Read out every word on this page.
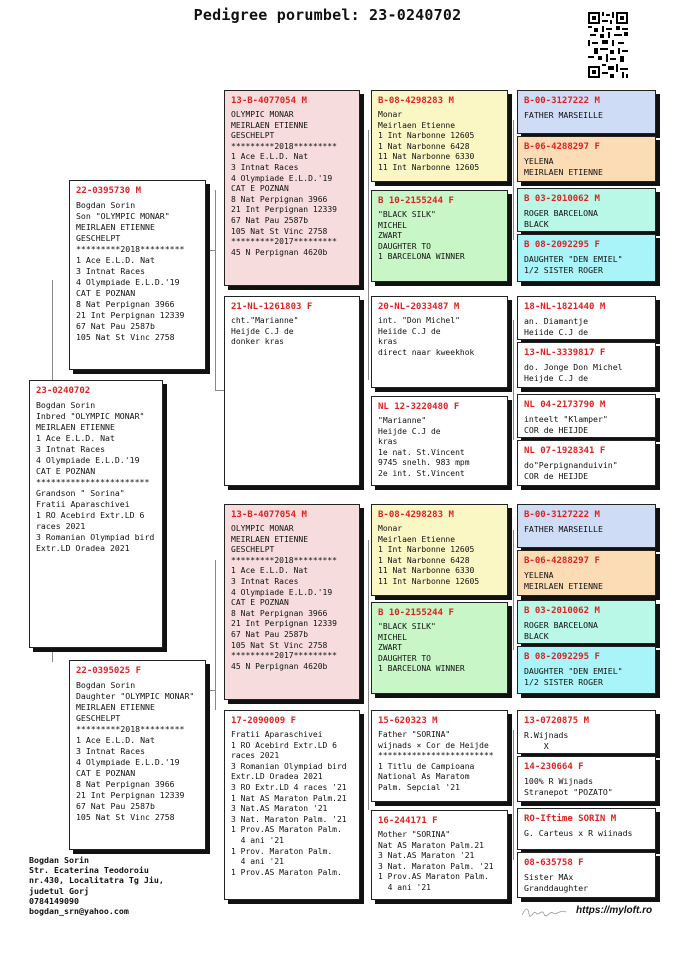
Pedigree porumbel: 23-0240702
23-0240702
Bogdan Sorin
Inbred "OLYMPIC MONAR"
MEIRLAEN ETIENNE
1 Ace E.L.D. Nat
3 Intnat Races
4 Olympiade E.L.D.'19
CAT E POZNAN
***********************
Grandson " Sorina"
Fratii Aparaschivei
1 RO Acebird Extr.LD 6
races 2021
3 Romanian Olympiad bird
Extr.LD Oradea 2021
22-0395730 M
Bogdan Sorin
Son "OLYMPIC MONAR"
MEIRLAEN ETIENNE
GESCHELPT
*********2018*********
1 Ace E.L.D. Nat
3 Intnat Races
4 Olympiade E.L.D.'19
CAT E POZNAN
8 Nat Perpignan 3966
21 Int Perpignan 12339
67 Nat Pau 2587b
105 Nat St Vinc 2758
22-0395025 F
Bogdan Sorin
Daughter "OLYMPIC MONAR"
MEIRLAEN ETIENNE
GESCHELPT
*********2018*********
1 Ace E.L.D. Nat
3 Intnat Races
4 Olympiade E.L.D.'19
CAT E POZNAN
8 Nat Perpignan 3966
21 Int Perpignan 12339
67 Nat Pau 2587b
105 Nat St Vinc 2758
13-B-4077054 M
OLYMPIC MONAR
MEIRLAEN ETIENNE
GESCHELPT
*********2018*********
1 Ace E.L.D. Nat
3 Intnat Races
4 Olympiade E.L.D.'19
CAT E POZNAN
8 Nat Perpignan 3966
21 Int Perpignan 12339
67 Nat Pau 2587b
105 Nat St Vinc 2758
*********2017*********
45 N Perpignan 4620b
21-NL-1261803 F
cht."Marianne"
Heijde C.J de
donker kras
13-B-4077054 M
OLYMPIC MONAR
MEIRLAEN ETIENNE
GESCHELPT
*********2018*********
1 Ace E.L.D. Nat
3 Intnat Races
4 Olympiade E.L.D.'19
CAT E POZNAN
8 Nat Perpignan 3966
21 Int Perpignan 12339
67 Nat Pau 2587b
105 Nat St Vinc 2758
*********2017*********
45 N Perpignan 4620b
17-2090009 F
Fratii Aparaschivei
1 RO Acebird Extr.LD 6
races 2021
3 Romanian Olympiad bird
Extr.LD Oradea 2021
3 RO Extr.LD 4 races '21
1 Nat AS Maraton Palm.21
3 Nat.AS Maraton '21
3 Nat. Maraton Palm. '21
1 Prov.AS Maraton Palm.
4 ani '21
1 Prov. Maraton Palm.
4 ani '21
1 Prov.AS Maraton Palm.
B-08-4298283 M
Monar
Meirlaen Etienne
1 Int Narbonne 12605
1 Nat Narbonne 6428
11 Nat Narbonne 6330
11 Int Narbonne 12605
B 10-2155244 F
"BLACK SILK"
MICHEL
ZWART
DAUGHTER TO
1 BARCELONA WINNER
20-NL-2033487 M
int. "Don Michel"
Heiide C.J de
kras
direct naar kweekhok
NL 12-3220480 F
"Marianne"
Heijde C.J de
kras
1e nat. St.Vincent
9745 snelh. 983 mpm
2e int. St.Vincent
B-08-4298283 M
Monar
Meirlaen Etienne
1 Int Narbonne 12605
1 Nat Narbonne 6428
11 Nat Narbonne 6330
11 Int Narbonne 12605
B 10-2155244 F
"BLACK SILK"
MICHEL
ZWART
DAUGHTER TO
1 BARCELONA WINNER
15-620323 M
Father "SORINA"
wijnads × Cor de Heijde
************************
1 Titlu de Campioana
National As Maratom
Palm. Sepcial '21
16-244171 F
Mother "SORINA"
Nat AS Maraton Palm.21
3 Nat.AS Maraton '21
3 Nat. Maraton Palm. '21
1 Prov.AS Maraton Palm.
4 ani '21
B-00-3127222 M
FATHER MARSEILLE
B-06-4288297 F
YELENA
MEIRLAEN ETIENNE
B 03-2010062 M
ROGER BARCELONA
BLACK
B 08-2092295 F
DAUGHTER "DEN EMIEL"
1/2 SISTER ROGER
18-NL-1821440 M
an. Diamantje
Heiide C.J de
13-NL-3339817 F
do. Jonge Don Michel
Heijde C.J de
NL 04-2173790 M
inteelt "Klamper"
COR de HEIJDE
NL 07-1928341 F
do"Perpignanduivin"
COR de HEIJDE
B-00-3127222 M
FATHER MARSEILLE
B-06-4288297 F
YELENA
MEIRLAEN ETIENNE
B 03-2010062 M
ROGER BARCELONA
BLACK
B 08-2092295 F
DAUGHTER "DEN EMIEL"
1/2 SISTER ROGER
13-0720875 M
R.Wijnads
X
14-230664 F
100% R Wijnads
Stranepot "POZATO"
RO-Iftime SORIN M
G. Carteus x R wiinads
08-635758 F
Sister MAx
Granddaughter
Bogdan Sorin
Str. Ecaterina Teodoroiu
nr.430, Localitatra Tg Jiu,
judetul Gorj
0784149090
bogdan_srn@yahoo.com	https://myloft.ro
